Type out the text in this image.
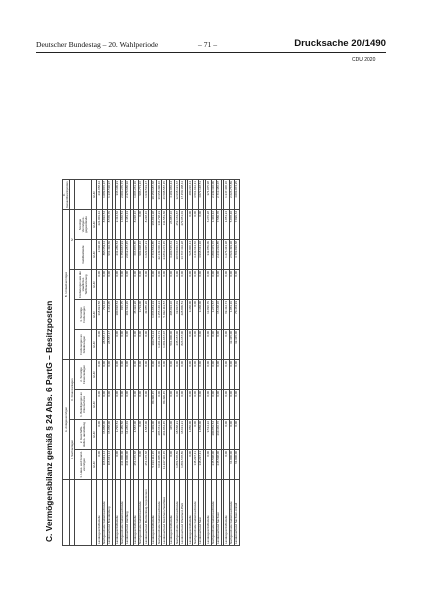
Deutscher Bundestag – 20. Wahlperiode	– 71 –	Drucksache 20/1490
CDU 2020
C. Vermögensbilanz gemäß § 24 Abs. 6 PartG – Besitzposten
		A. Anlagevermögen				B. Umlaufvermögen					C. Gesamtbesitzposten
	I. Sachanlagen		II. Finanzanlagen					IV.		
	1. Haus- und Grund- vermögen	2. Geschäfts- stellen- ausstattung	1. Beteiligungen an Unternehmen	2. Sonstige Finanzanlagen	Forderungen an Gliederungen	3. Sonstige Forderungen	Forderungen aus der staatlichen Teilfinanzierung	Geldbestände	Sonstige Vermögens- gegenstände	
	EUR	EUR	EUR	EUR	EUR	EUR	EUR	EUR	EUR	EUR
Landesgeschäftsstelle	0,00	0,00	0,00	0,00	0,00	318.024,58	0,00	2.630,30	221.001,42	234.958,42
Nachgeordnete Gebietsverbände	115.943,14	15.058,00	0,00	0,00	28.587,17	794,32	0,00	895.652,11	8.816,54	1.089.876,37
Landesverband Brandenburg	115.943,14	15.058,00	0,00	0,00	28.587,17	4.364,05	0,00	961.432,69	8.570,79	1.135.530,97

Landesgeschäftsstelle	0,00	1.796,51	0,00	0,00	0,00	100.818,54	0,00	231.289,54	2.414,62	336.109,21
Nachgeordnete Gebietsverbände	234.000,00	12.489,50	0,00	0,00	0,00	815,75	0,00	1.750.967,91	1.966,51	2.003.279,73
Landesverband Hamburg	234.000,00	14.286,01	0,00	0,00	0,00	101.634,29	0,00	2.012.257,45	4.381,13	2.370.980,92

Landesgeschäftsstelle	251.176,68	4.587,00	0,00	0,00	0,00	45.322,20	0,00	696.876,85	8.218,46	1.006.261,19
Nachgeordnete Gebietsverbände	0,00	0,00	0,00	0,00	0,00	3.733,00	0,00	903.038,16	0,00	906.771,16
Landesverband Mecklenburg-Vorpommern	251.176,68	4.587,00	0,00	0,00	0,00	49.055,20	0,00	1.629.015,21	8.218,46	1.939.533,47

Landesgeschäftsstelle	5.193.111,15	4.303,00	80.490,45	0,00	390.754,34	1.666.954,33	0,00	2.713.564,85	166.843,38	10.150.187,68
Nachgeordnete Gebietsverbände	6.034.005,00	286.661,00	0,00	0,00	1.291.212,73	3.155.140,24	0,00	22.149.606,43	144.738,23	36.958.390,46
Landesverband Nordrhein-Westfalen	11.227.116,15	291.064,45	80.490,45	0,00	1.681.967,07	5.022.111,57	0,00	24.863.274,15	311.581,60	46.508.587,15

Landesgeschäftsstelle	0,00	345,00	0,00	0,00	591.000,00	408.994,36	0,00	3.203.515,61	26.887,16	4.182.066,44
Nachgeordnete Gebietsverbände	1.881.578,89	18.568,21	0,00	0,00	235.157,00	19.837,03	0,00	10.560.816,67	252.163,87	12.968.121,67
Landesverband Rheinland-Pfalz	1.881.578,89	18.913,21	0,00	0,00	826.157,00	428.809,53	0,00	13.767.332,28	279.051,03	17.150.188,11

Landesgeschäftsstelle	0,00	1.850,00	0,00	0,00	0,00	3.360,00	0,00	525.006,44	0,00	480.236,44
Nachgeordnete Gebietsverbände	148.297,41	0,00	0,00	0,00	0,00	0,00	0,00	3.443.614,66	0,00	3.591.912,41
Landesverband Saar	148.297,41	1.850,00	0,00	0,00	0,00	3.360,00	0,00	3.918.641,10	0,00	4.072.148,51

Landesgeschäftsstelle	0,00	9.514,22	0,00	0,00	0,00	13.896,79	0,00	342.859,09	6.276,28	374.075,98
Nachgeordnete Gebietsverbände	245.508,00	200.852,54	0,00	0,00	0,00	1.271,57	0,00	1.890.373,76	1.304,42	2.339.310,09
Landesverband Sachsen	245.508,00	210.366,76	0,00	0,00	0,00	15.168,36	0,00	2.233.232,85	7.580,70	2.713.386,07

Landesgeschäftsstelle	0,00	0,00	0,00	0,00	0,00	69.412,74	0,00	1.276.343,38	1.951,24	1.347.306,36
Nachgeordnete Gebietsverbände	64.000,00	0,00	0,00	0,00	32.345,00	1.051,19	0,00	2.523.493,30	5.878,40	2.626.767,89
Landesverband Sachsen-Anhalt	64.000,00	0,00	0,00	0,00	32.345,00	70.463,93	0,00	3.799.836,68	7.829,64	4.003.074,25
